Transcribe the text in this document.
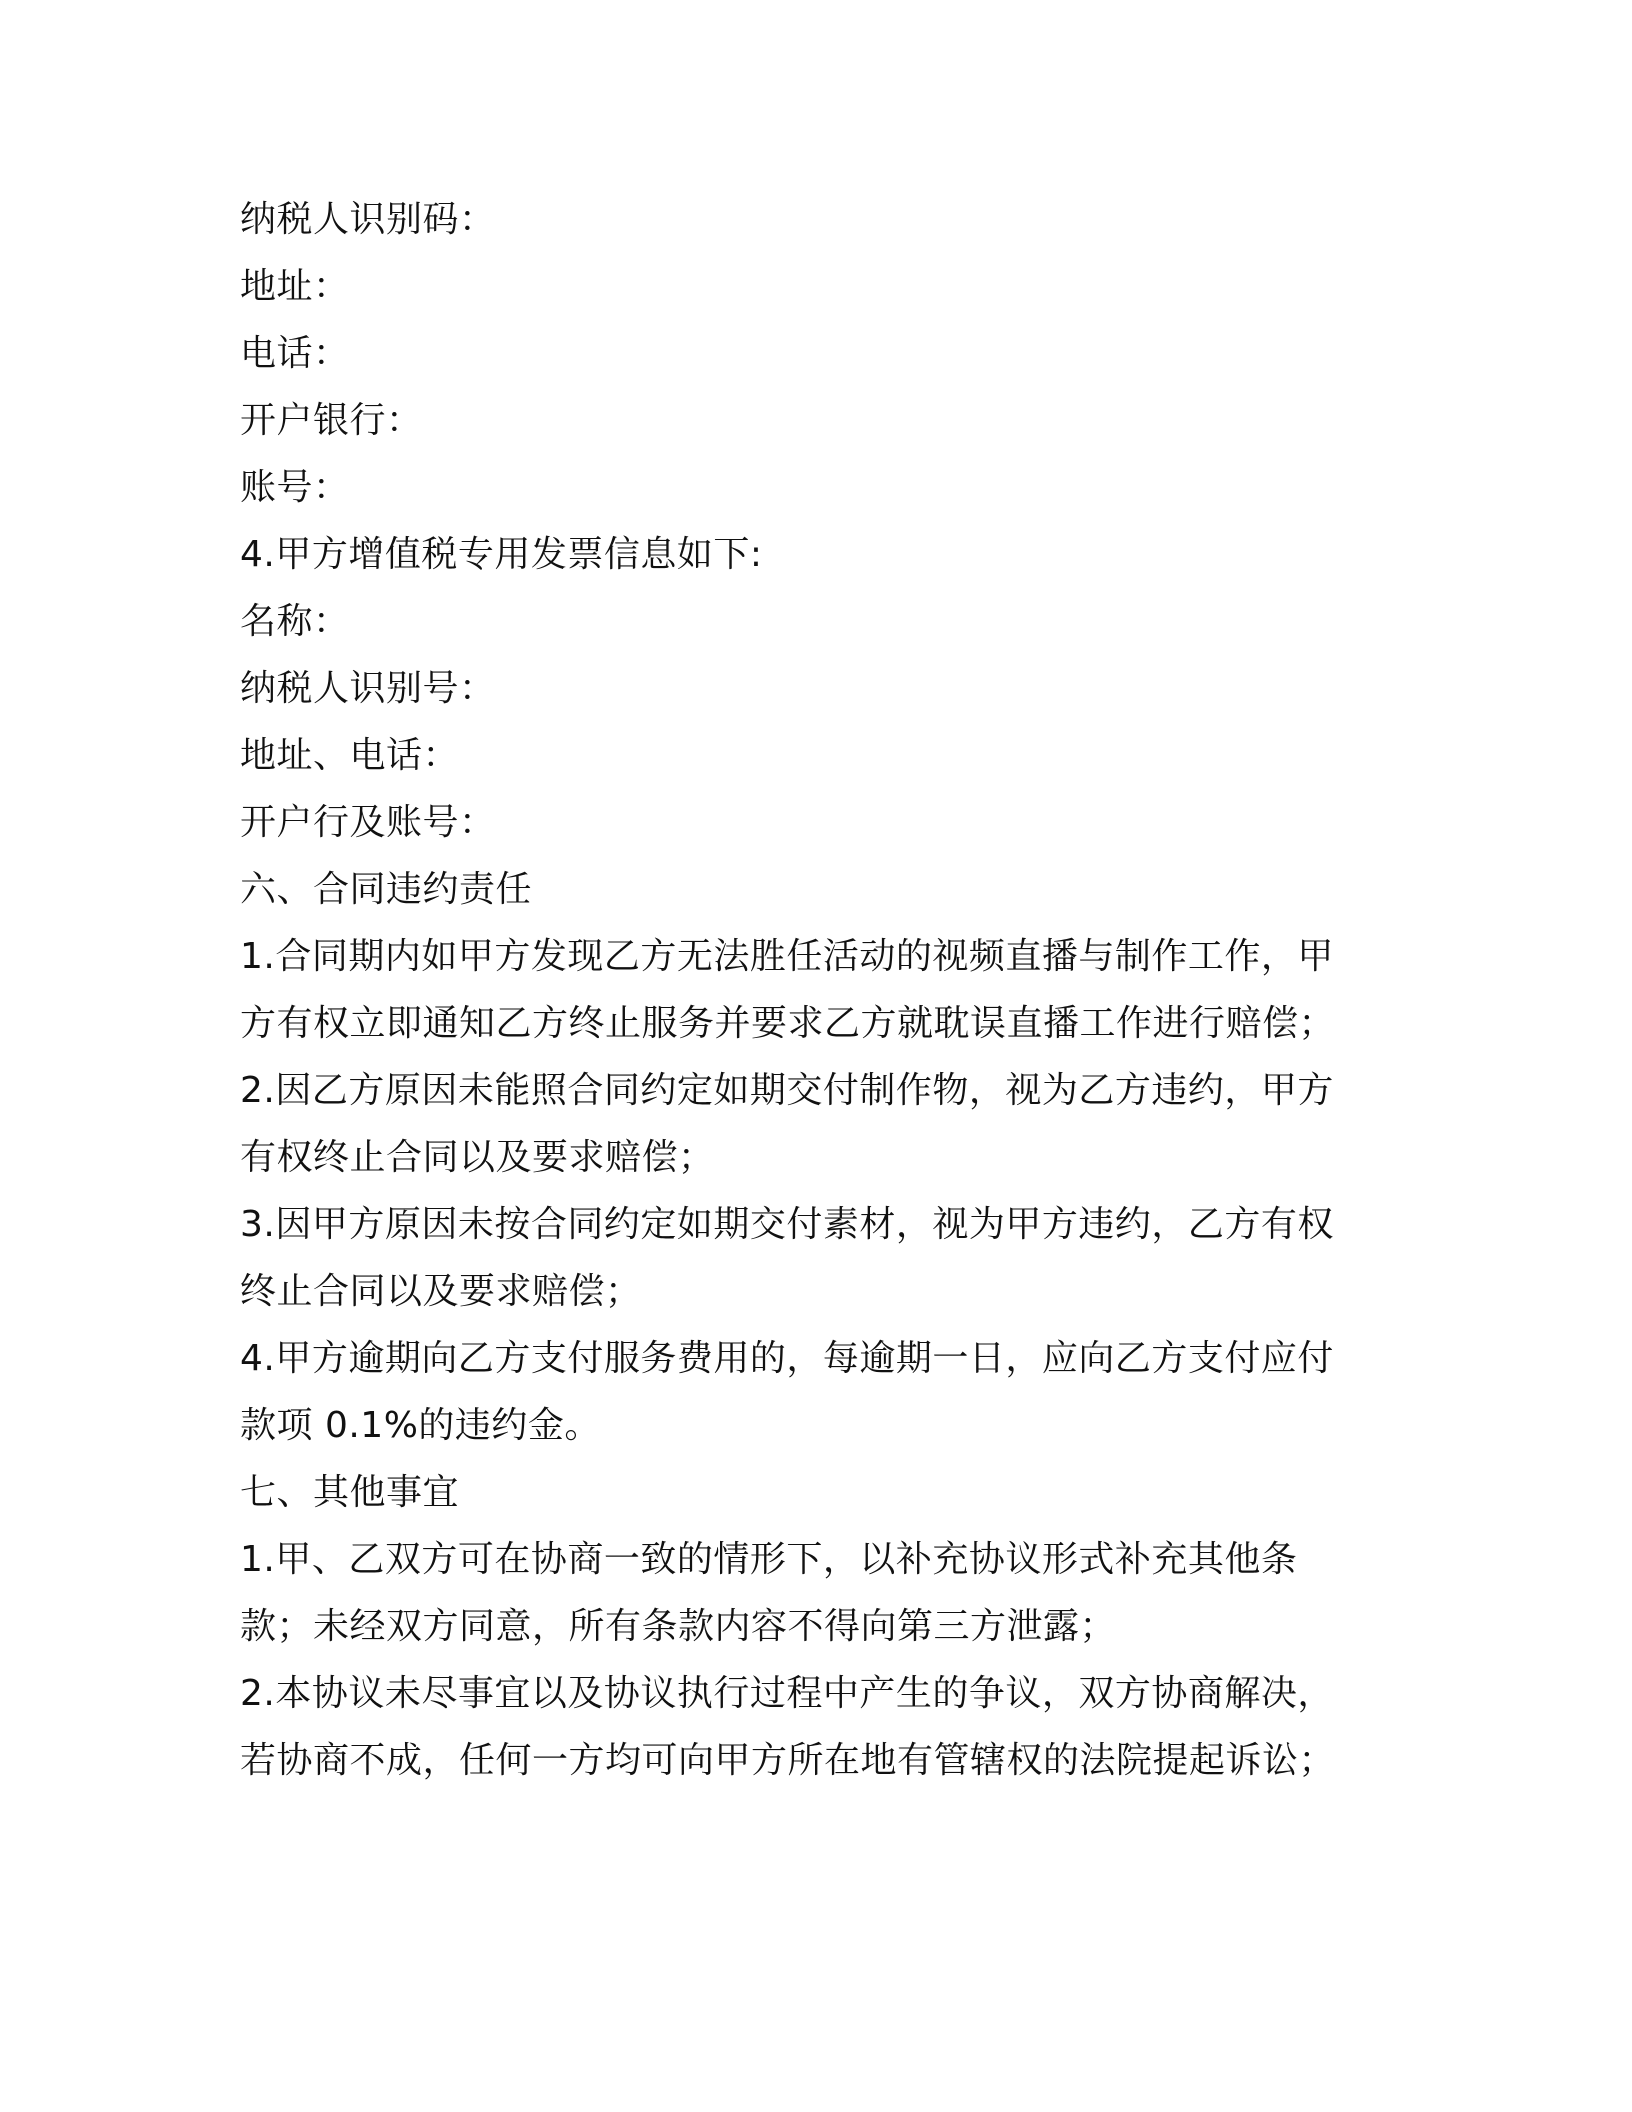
纳税人识别码：
地址：
电话：
开户银行：
账号：
4.甲方增值税专用发票信息如下:
名称：
纳税人识别号：
地址、电话：
开户行及账号：
六、合同违约责任
1.合同期内如甲方发现乙方无法胜任活动的视频直播与制作工作，甲
方有权立即通知乙方终止服务并要求乙方就耽误直播工作进行赔偿；
2.因乙方原因未能照合同约定如期交付制作物，视为乙方违约，甲方
有权终止合同以及要求赔偿；
3.因甲方原因未按合同约定如期交付素材，视为甲方违约，乙方有权
终止合同以及要求赔偿；
4.甲方逾期向乙方支付服务费用的，每逾期一日，应向乙方支付应付
款项 0.1%的违约金。
七、其他事宜
1.甲、乙双方可在协商一致的情形下，以补充协议形式补充其他条
款；未经双方同意，所有条款内容不得向第三方泄露；
2.本协议未尽事宜以及协议执行过程中产生的争议，双方协商解决，
若协商不成，任何一方均可向甲方所在地有管辖权的法院提起诉讼；
